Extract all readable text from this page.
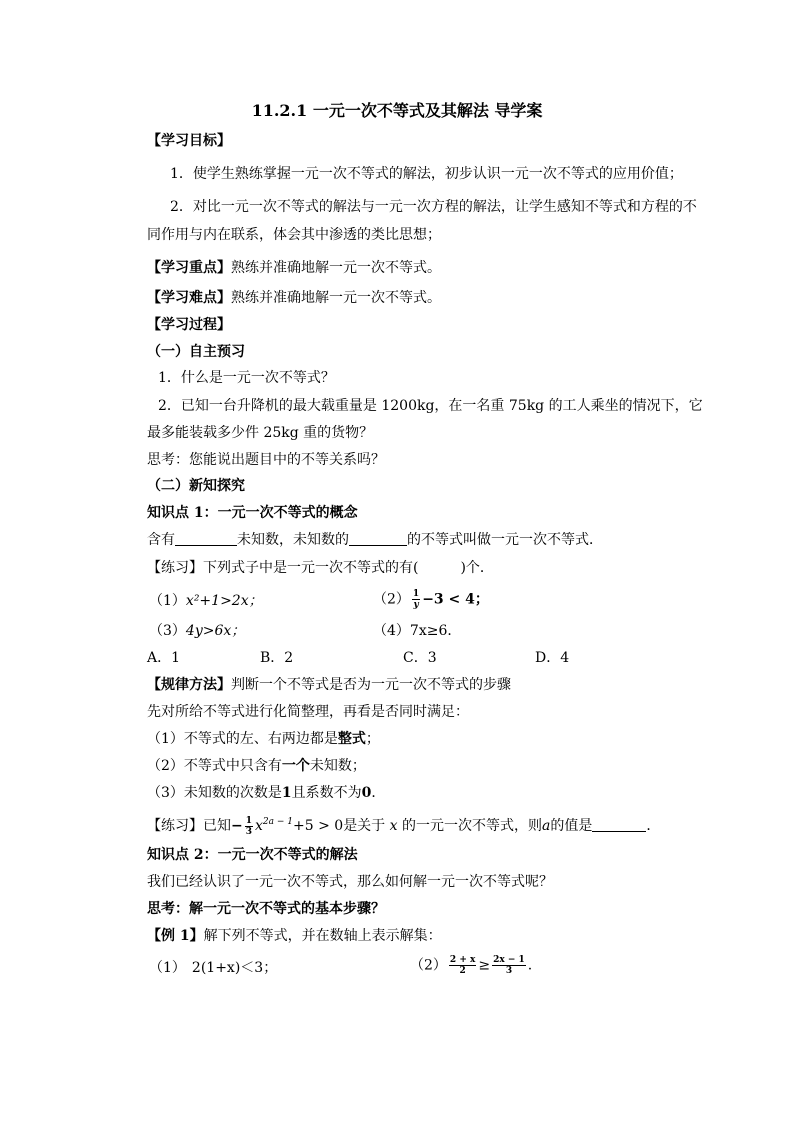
11.2.1 一元一次不等式及其解法 导学案
【学习目标】
1．使学生熟练掌握一元一次不等式的解法，初步认识一元一次不等式的应用价值；
2．对比一元一次不等式的解法与一元一次方程的解法，让学生感知不等式和方程的不
同作用与内在联系，体会其中渗透的类比思想；
【学习重点】熟练并准确地解一元一次不等式。
【学习难点】熟练并准确地解一元一次不等式。
【学习过程】
（一）自主预习
1．什么是一元一次不等式？
2．已知一台升降机的最大载重量是 1200kg，在一名重 75kg 的工人乘坐的情况下，它
最多能装载多少件 25kg 重的货物？
思考：您能说出题目中的不等关系吗？
（二）新知探究
知识点 1：一元一次不等式的概念
含有	未知数，未知数的	的不等式叫做一元一次不等式．
【练习】下列式子中是一元一次不等式的有(	)个．
（1）x²+1>2x；	$(2) \frac{1}{y} -3 < 4$；
（3）4y>6x；	（4）7x≥6．
A．1	B．2	C．3	D．4
【规律方法】判断一个不等式是否为一元一次不等式的步骤
先对所给不等式进行化简整理，再看是否同时满足：
（1）不等式的左、右两边都是整式；
（2）不等式中只含有一个未知数；
（3）未知数的次数是1且系数不为0．
【练习】已知− $\frac{1}{3} x^{2a - 1}+5 > 0$是关于 x 的一元一次不等式，则a的值是	．
知识点 2：一元一次不等式的解法
我们已经认识了一元一次不等式，那么如何解一元一次不等式呢？
思考：解一元一次不等式的基本步骤？
【例 1】解下列不等式，并在数轴上表示解集：
（1） 2(1+x)＜3；	$(2) \frac{2 + x}{2} \ge \frac{2x - 1}{3}$ .
